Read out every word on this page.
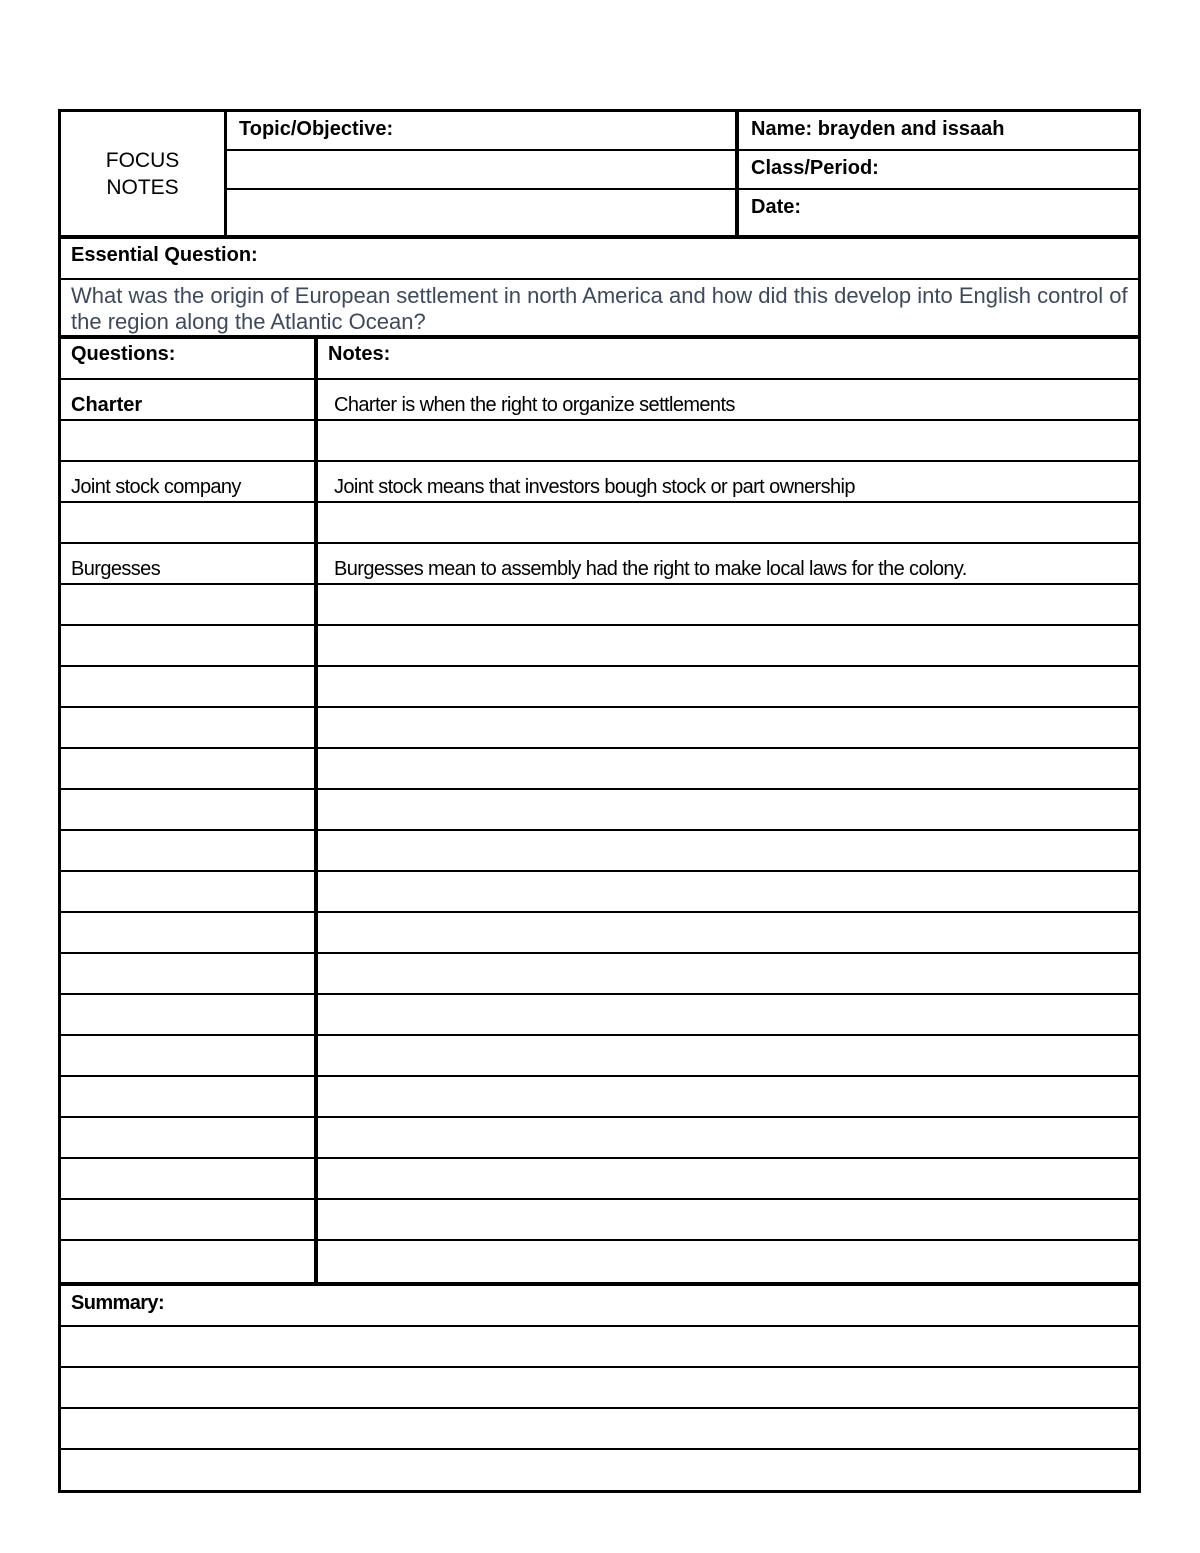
FOCUS
NOTES
Topic/Objective:	Name: brayden and issaah
Class/Period:
Date:
Essential Question:
What was the origin of European settlement in north America and how did this develop into English control of the region along the Atlantic Ocean?
Questions:
Charter
Joint stock company
Burgesses
Notes:
Charter is when the right to organize settlements
Joint stock means that investors bough stock or part ownership
Burgesses mean to assembly had the right to make local laws for the colony.
Summary:
